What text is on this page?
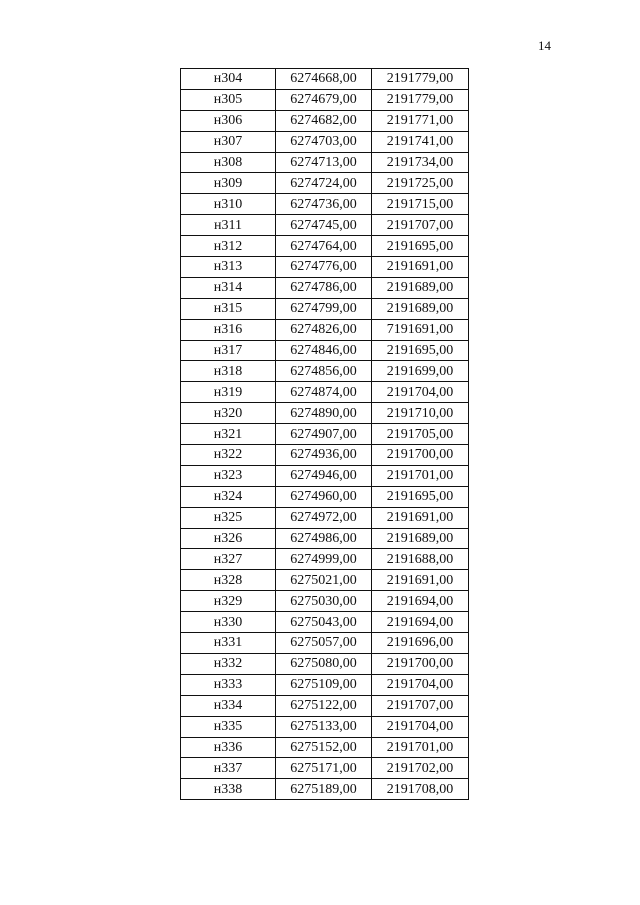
14
н304	6274668,00	2191779,00
н305	6274679,00	2191779,00
н306	6274682,00	2191771,00
н307	6274703,00	2191741,00
н308	6274713,00	2191734,00
н309	6274724,00	2191725,00
н310	6274736,00	2191715,00
н311	6274745,00	2191707,00
н312	6274764,00	2191695,00
н313	6274776,00	2191691,00
н314	6274786,00	2191689,00
н315	6274799,00	2191689,00
н316	6274826,00	7191691,00
н317	6274846,00	2191695,00
н318	6274856,00	2191699,00
н319	6274874,00	2191704,00
н320	6274890,00	2191710,00
н321	6274907,00	2191705,00
н322	6274936,00	2191700,00
н323	6274946,00	2191701,00
н324	6274960,00	2191695,00
н325	6274972,00	2191691,00
н326	6274986,00	2191689,00
н327	6274999,00	2191688,00
н328	6275021,00	2191691,00
н329	6275030,00	2191694,00
н330	6275043,00	2191694,00
н331	6275057,00	2191696,00
н332	6275080,00	2191700,00
н333	6275109,00	2191704,00
н334	6275122,00	2191707,00
н335	6275133,00	2191704,00
н336	6275152,00	2191701,00
н337	6275171,00	2191702,00
н338	6275189,00	2191708,00
